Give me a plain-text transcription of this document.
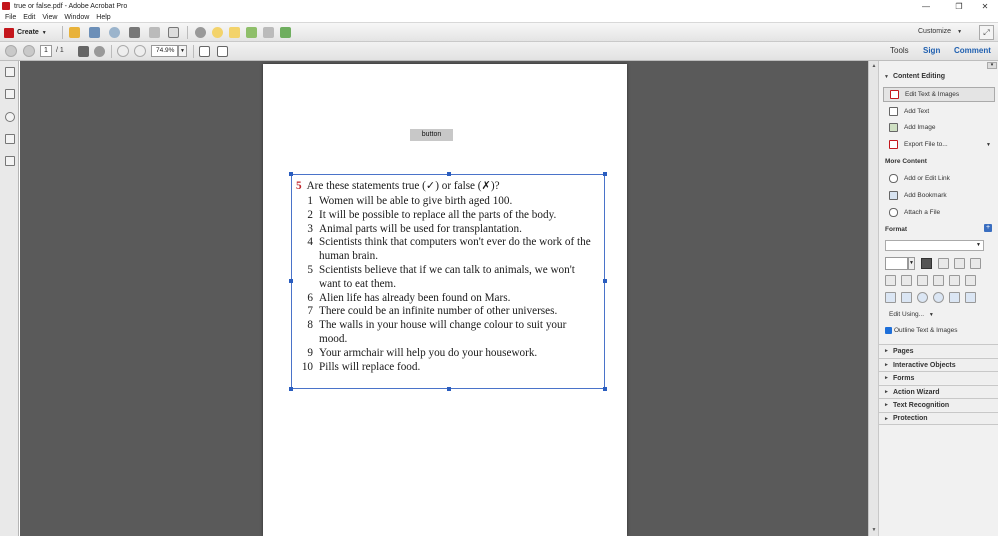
true or false.pdf - Adobe Acrobat Pro	—	❐	✕
File Edit View Window Help
Create ▼	Customize ▼	⤢
1	/ 1	74.9%	▼	Tools Sign Comment
button
5 Are these statements true (✓) or false (✗)?
1 Women will be able to give birth aged 100.
2 It will be possible to replace all the parts of the body.
3 Animal parts will be used for transplantation.
4 Scientists think that computers won't ever do the work of the human brain.
5 Scientists believe that if we can talk to animals, we won't want to eat them.
6 Alien life has already been found on Mars.
7 There could be an infinite number of other universes.
8 The walls in your house will change colour to suit your mood.
9 Your armchair will help you do your housework.
10 Pills will replace food.
▲
▼
▾
▼ Content Editing
Edit Text & Images
Add Text
Add Image
Export File to...	▼
More Content
Add or Edit Link
Add Bookmark
Attach a File
Format	+
▼
▼
Edit Using... ▼
Outline Text & Images
► Pages
► Interactive Objects
► Forms
► Action Wizard
► Text Recognition
► Protection
